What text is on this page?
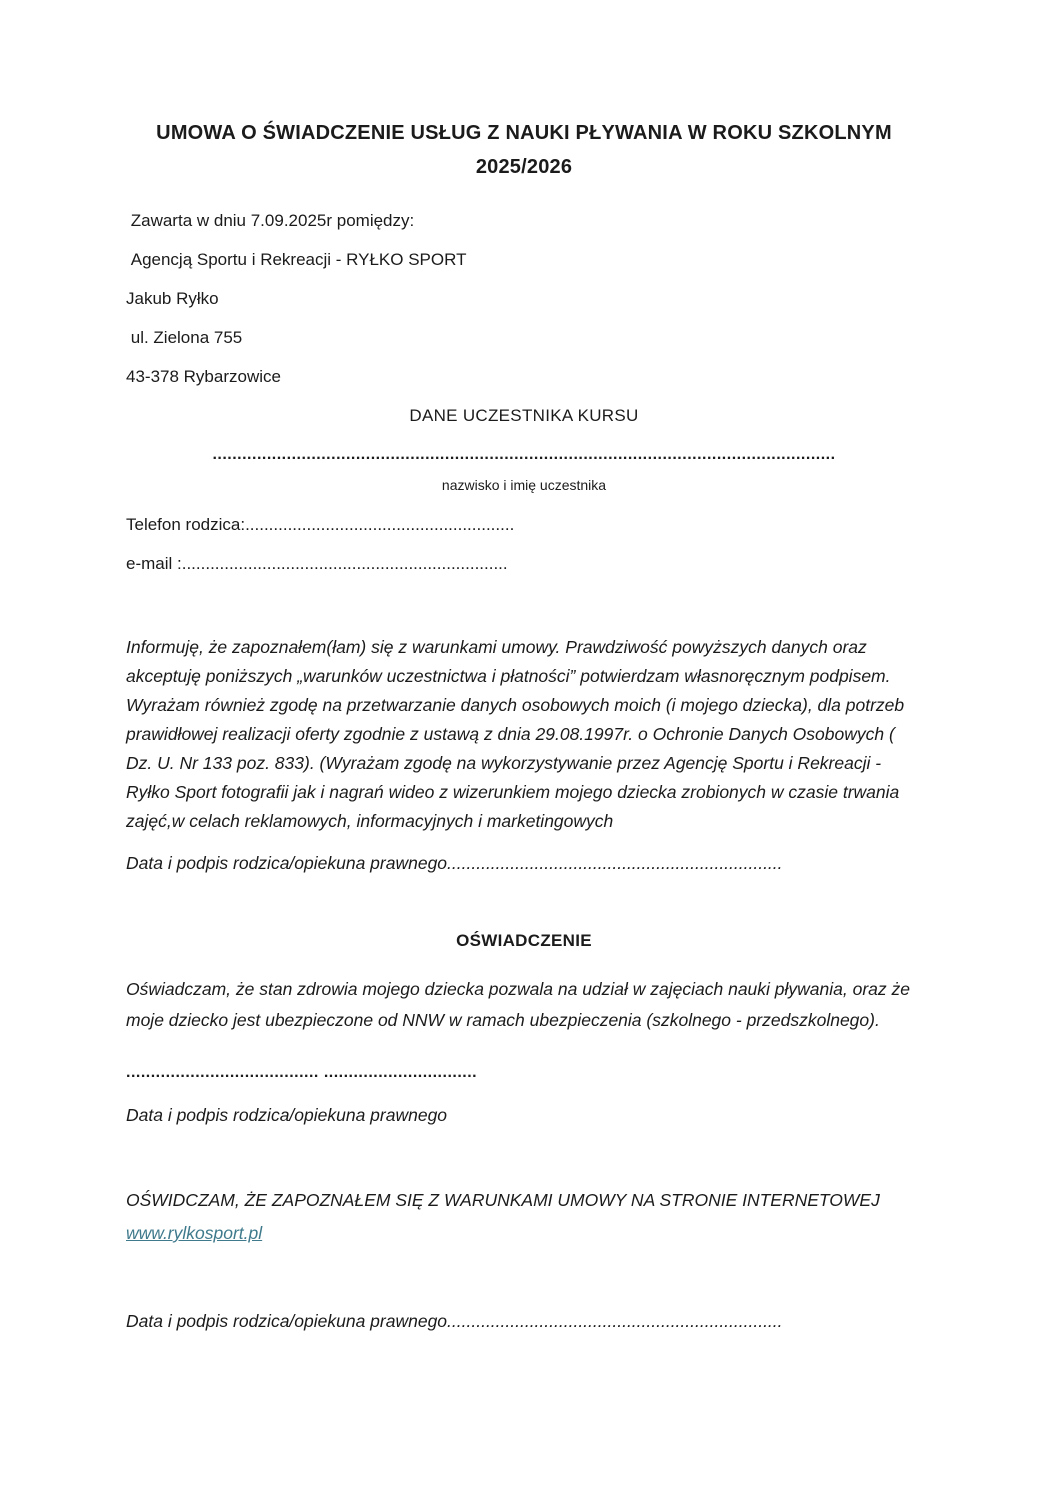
UMOWA O ŚWIADCZENIE USŁUG Z NAUKI PŁYWANIA W ROKU SZKOLNYM
2025/2026

Zawarta w dniu 7.09.2025r pomiędzy:

Agencją Sportu i Rekreacji - RYŁKO SPORT

Jakub Ryłko

ul. Zielona 755

43-378 Rybarzowice

DANE UCZESTNIKA KURSU

..............................................................................................................................

nazwisko i imię uczestnika

Telefon rodzica:.........................................................

e-mail :.....................................................................

Informuję, że zapoznałem(łam) się z warunkami umowy. Prawdziwość powyższych danych oraz akceptuję poniższych „warunków uczestnictwa i płatności” potwierdzam własnoręcznym podpisem. Wyrażam również zgodę na przetwarzanie danych osobowych moich (i mojego dziecka), dla potrzeb prawidłowej realizacji oferty zgodnie z ustawą z dnia 29.08.1997r. o Ochronie Danych Osobowych ( Dz. U. Nr 133 poz. 833). (Wyrażam zgodę na wykorzystywanie przez Agencję Sportu i Rekreacji -Ryłko Sport fotografii jak i nagrań wideo z wizerunkiem mojego dziecka zrobionych w czasie trwania zajęć,w celach reklamowych, informacyjnych i marketingowych

Data i podpis rodzica/opiekuna prawnego.....................................................................

OŚWIADCZENIE

Oświadczam, że stan zdrowia mojego dziecka pozwala na udział w zajęciach nauki pływania, oraz że moje dziecko jest ubezpieczone od NNW w ramach ubezpieczenia (szkolnego - przedszkolnego).

....................................... ...............................

Data i podpis rodzica/opiekuna prawnego

OŚWIDCZAM, ŻE ZAPOZNAŁEM SIĘ Z WARUNKAMI UMOWY NA STRONIE INTERNETOWEJ www.rylkosport.pl

Data i podpis rodzica/opiekuna prawnego.....................................................................
